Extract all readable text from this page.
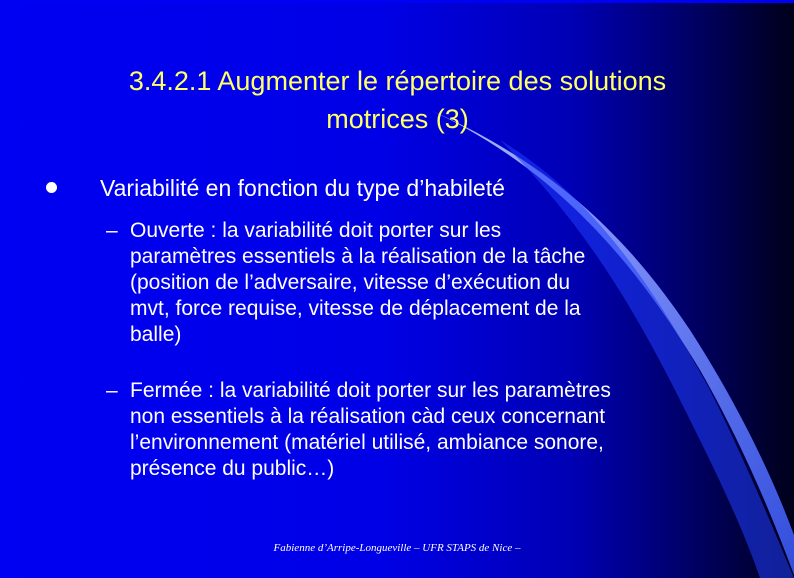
3.4.2.1 Augmenter le répertoire des solutions
motrices (3)
Variabilité en fonction du type d’habileté
– Ouverte : la variabilité doit porter sur les
paramètres essentiels à la réalisation de la tâche
(position de l’adversaire, vitesse d’exécution du
mvt, force requise, vitesse de déplacement de la
balle)
– Fermée : la variabilité doit porter sur les paramètres
non essentiels à la réalisation càd ceux concernant
l’environnement (matériel utilisé, ambiance sonore,
présence du public…)
Fabienne d’Arripe-Longueville – UFR STAPS de Nice –
